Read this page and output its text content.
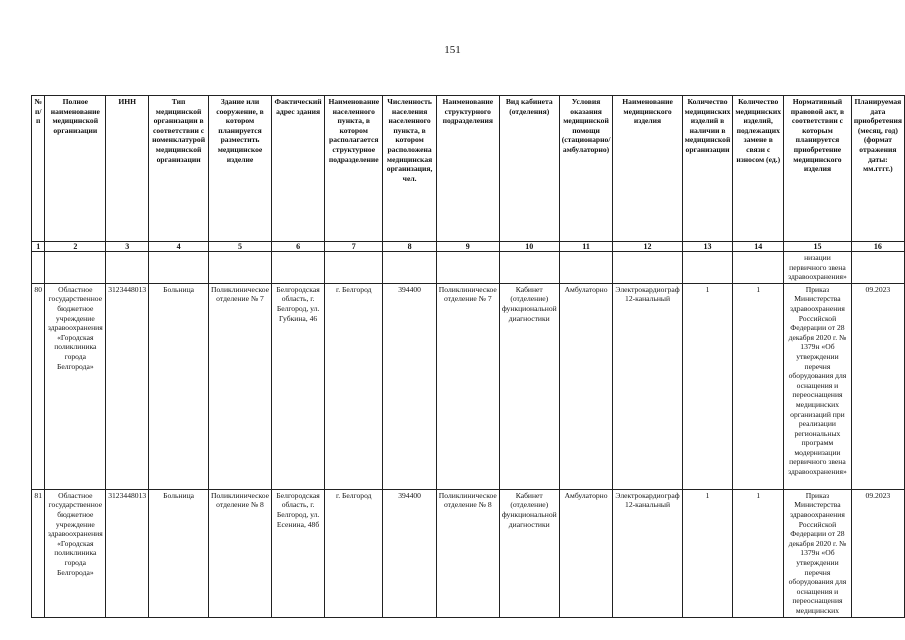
151
№ п/п	Полное наименование медицинской организации	ИНН	Тип медицинской организации в соответствии с номенклатурой медицинской организации	Здание или сооружение, в котором планируется разместить медицинское изделие	Фактический адрес здания	Наименование населенного пункта, в котором располагается структурное подразделение	Численность населения населенного пункта, в котором расположена медицинская организация, чел.	Наименование структурного подразделения	Вид кабинета (отделения)	Условия оказания медицинской помощи (стационарно/ амбулаторно)	Наименование медицинского изделия	Количество медицинских изделий в наличии в медицинской организации	Количество медицинских изделий, подлежащих замене в связи с износом (ед.)	Нормативный правовой акт, в соответствии с которым планируется приобретение медицинского изделия	Планируемая дата приобретения (месяц, год) (формат отражения даты: мм.гггг.)
1	2	3	4	5	6	7	8	9	10	11	12	13	14	15	16
														низации первичного звена здравоохранения»	
80	Областное государственное бюджетное учреждение здравоохранения «Городская поликлиника города Белгорода»	3123448013	Больница	Поликлиническое отделение № 7	Белгородская область, г. Белгород, ул. Губкина, 46	г. Белгород	394400	Поликлиническое отделение № 7	Кабинет (отделение) функциональной диагностики	Амбулаторно	Электрокардиограф 12-канальный	1	1	Приказ Министерства здравоохранения Российской Федерации от 28 декабря 2020 г. № 1379н «Об утверждении перечня оборудования для оснащения и переоснащения медицинских организаций при реализации региональных программ модернизации первичного звена здравоохранения»	09.2023
81	Областное государственное бюджетное учреждение здравоохранения «Городская поликлиника города Белгорода»	3123448013	Больница	Поликлиническое отделение № 8	Белгородская область, г. Белгород, ул. Есенина, 48б	г. Белгород	394400	Поликлиническое отделение № 8	Кабинет (отделение) функциональной диагностики	Амбулаторно	Электрокардиограф 12-канальный	1	1	Приказ Министерства здравоохранения Российской Федерации от 28 декабря 2020 г. № 1379н «Об утверждении перечня оборудования для оснащения и переоснащения медицинских	09.2023
